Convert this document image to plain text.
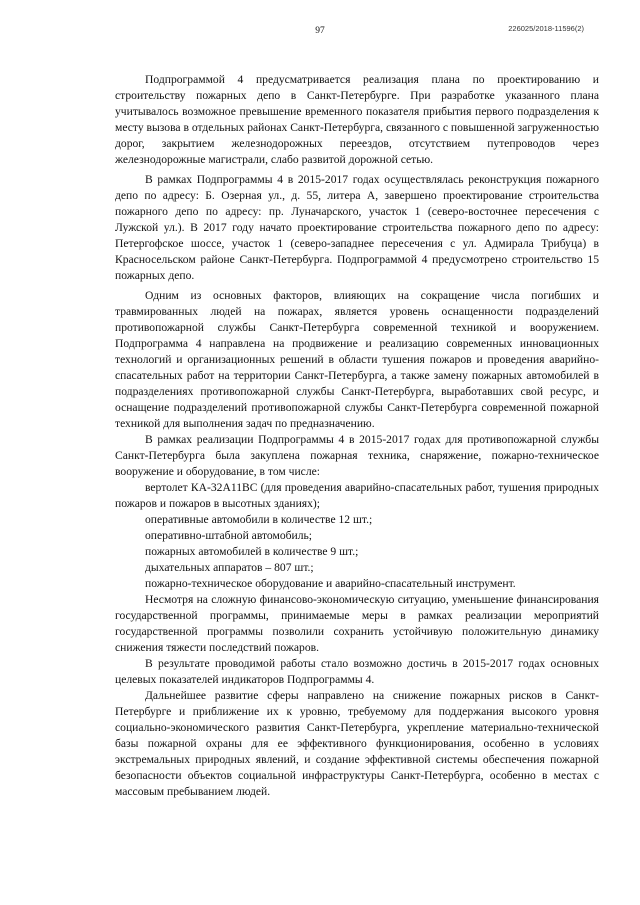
97	226025/2018-11596(2)

Подпрограммой 4 предусматривается реализация плана по проектированию и строительству пожарных депо в Санкт-Петербурге. При разработке указанного плана учитывалось возможное превышение временного показателя прибытия первого подразделения к месту вызова в отдельных районах Санкт-Петербурга, связанного с повышенной загруженностью дорог, закрытием железнодорожных переездов, отсутствием путепроводов через железнодорожные магистрали, слабо развитой дорожной сетью.

В рамках Подпрограммы 4 в 2015-2017 годах осуществлялась реконструкция пожарного депо по адресу: Б. Озерная ул., д. 55, литера А, завершено проектирование строительства пожарного депо по адресу: пр. Луначарского, участок 1 (северо-восточнее пересечения с Лужской ул.). В 2017 году начато проектирование строительства пожарного депо по адресу: Петергофское шоссе, участок 1 (северо-западнее пересечения с ул. Адмирала Трибуца) в Красносельском районе Санкт-Петербурга. Подпрограммой 4 предусмотрено строительство 15 пожарных депо.

Одним из основных факторов, влияющих на сокращение числа погибших и травмированных людей на пожарах, является уровень оснащенности подразделений противопожарной службы Санкт-Петербурга современной техникой и вооружением. Подпрограмма 4 направлена на продвижение и реализацию современных инновационных технологий и организационных решений в области тушения пожаров и проведения аварийно-спасательных работ на территории Санкт-Петербурга, а также замену пожарных автомобилей в подразделениях противопожарной службы Санкт-Петербурга, выработавших свой ресурс, и оснащение подразделений противопожарной службы Санкт-Петербурга современной пожарной техникой для выполнения задач по предназначению.

В рамках реализации Подпрограммы 4 в 2015-2017 годах для противопожарной службы Санкт-Петербурга была закуплена пожарная техника, снаряжение, пожарно-техническое вооружение и оборудование, в том числе:

вертолет КА-32А11ВС (для проведения аварийно-спасательных работ, тушения природных пожаров и пожаров в высотных зданиях);

оперативные автомобили в количестве 12 шт.;

оперативно-штабной автомобиль;

пожарных автомобилей в количестве 9 шт.;

дыхательных аппаратов – 807 шт.;

пожарно-техническое оборудование и аварийно-спасательный инструмент.

Несмотря на сложную финансово-экономическую ситуацию, уменьшение финансирования государственной программы, принимаемые меры в рамках реализации мероприятий государственной программы позволили сохранить устойчивую положительную динамику снижения тяжести последствий пожаров.

В результате проводимой работы стало возможно достичь в 2015-2017 годах основных целевых показателей индикаторов Подпрограммы 4.

Дальнейшее развитие сферы направлено на снижение пожарных рисков в Санкт-Петербурге и приближение их к уровню, требуемому для поддержания высокого уровня социально-экономического развития Санкт-Петербурга, укрепление материально-технической базы пожарной охраны для ее эффективного функционирования, особенно в условиях экстремальных природных явлений, и создание эффективной системы обеспечения пожарной безопасности объектов социальной инфраструктуры Санкт-Петербурга, особенно в местах с массовым пребыванием людей.
